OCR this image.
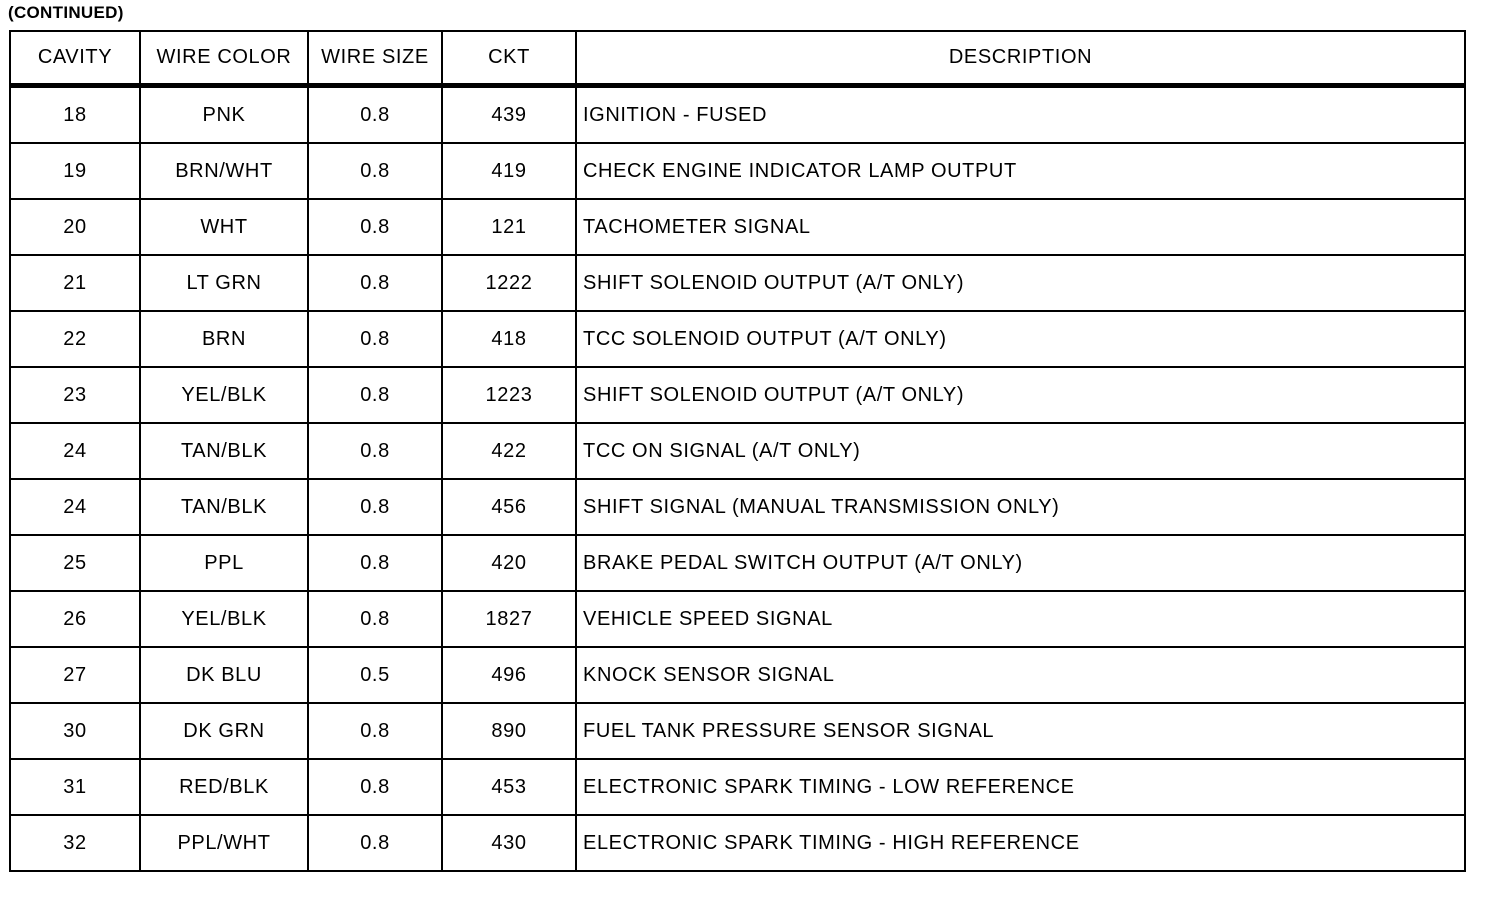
(CONTINUED)
CAVITY	WIRE COLOR	WIRE SIZE	CKT	DESCRIPTION
18	PNK	0.8	439	IGNITION - FUSED
19	BRN/WHT	0.8	419	CHECK ENGINE INDICATOR LAMP OUTPUT
20	WHT	0.8	121	TACHOMETER SIGNAL
21	LT GRN	0.8	1222	SHIFT SOLENOID OUTPUT (A/T ONLY)
22	BRN	0.8	418	TCC SOLENOID OUTPUT (A/T ONLY)
23	YEL/BLK	0.8	1223	SHIFT SOLENOID OUTPUT (A/T ONLY)
24	TAN/BLK	0.8	422	TCC ON SIGNAL (A/T ONLY)
24	TAN/BLK	0.8	456	SHIFT SIGNAL (MANUAL TRANSMISSION ONLY)
25	PPL	0.8	420	BRAKE PEDAL SWITCH OUTPUT (A/T ONLY)
26	YEL/BLK	0.8	1827	VEHICLE SPEED SIGNAL
27	DK BLU	0.5	496	KNOCK SENSOR SIGNAL
30	DK GRN	0.8	890	FUEL TANK PRESSURE SENSOR SIGNAL
31	RED/BLK	0.8	453	ELECTRONIC SPARK TIMING - LOW REFERENCE
32	PPL/WHT	0.8	430	ELECTRONIC SPARK TIMING - HIGH REFERENCE
